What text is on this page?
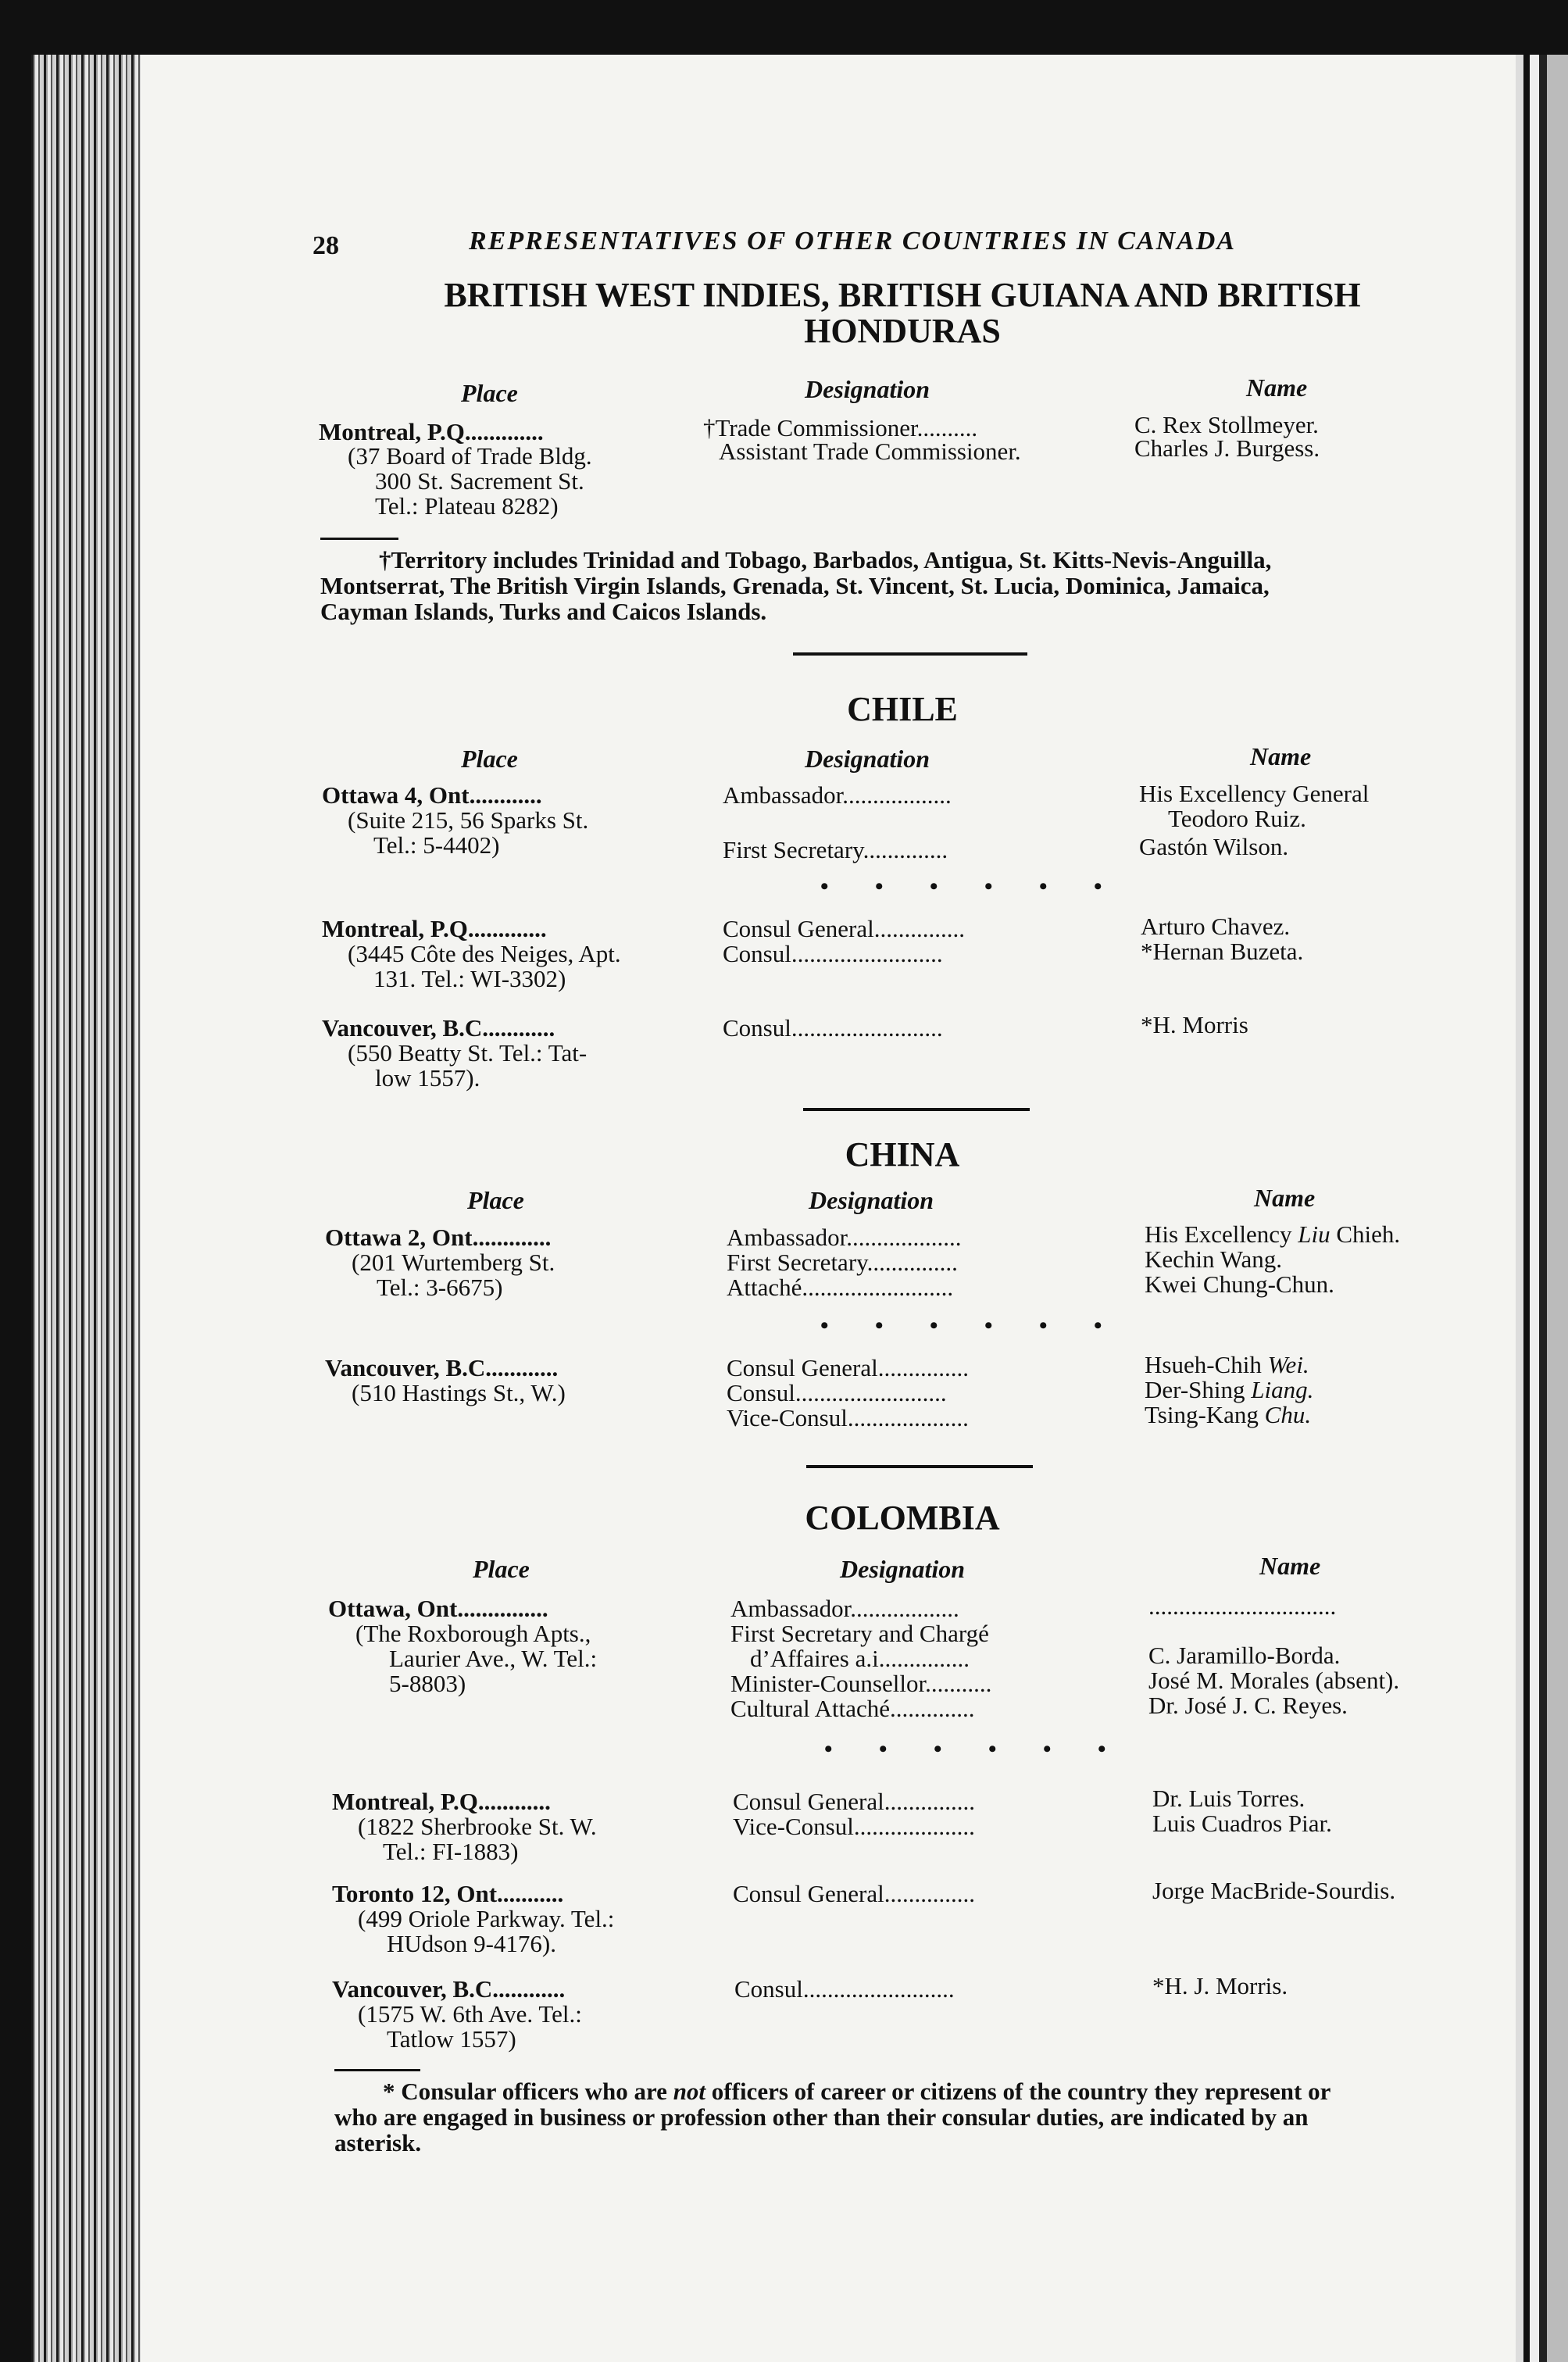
28	REPRESENTATIVES OF OTHER COUNTRIES IN CANADA
BRITISH WEST INDIES, BRITISH GUIANA AND BRITISH
HONDURAS
Place	Designation	Name
Montreal, P.Q.............
(37 Board of Trade Bldg.
300 St. Sacrement St.
Tel.: Plateau 8282)
†Trade Commissioner..........	C. Rex Stollmeyer.
Assistant Trade Commissioner.	Charles J. Burgess.
†Territory includes Trinidad and Tobago, Barbados, Antigua, St. Kitts-Nevis-Anguilla,
Montserrat, The British Virgin Islands, Grenada, St. Vincent, St. Lucia, Dominica, Jamaica,
Cayman Islands, Turks and Caicos Islands.
CHILE
Place	Designation	Name
Ottawa 4, Ont............
(Suite 215, 56 Sparks St.
Tel.: 5-4402)
Ambassador..................	His Excellency General
Teodoro Ruiz.
First Secretary..............	Gastón Wilson.
• • • • • •
Montreal, P.Q.............
(3445 Côte des Neiges, Apt.
131. Tel.: WI-3302)
Consul General...............	Arturo Chavez.
Consul.........................	*Hernan Buzeta.
Vancouver, B.C............
(550 Beatty St. Tel.: Tat-
low 1557).
Consul.........................	*H. Morris
CHINA
Place	Designation	Name
Ottawa 2, Ont.............
(201 Wurtemberg St.
Tel.: 3-6675)
Ambassador...................	His Excellency Liu Chieh.
First Secretary...............	Kechin Wang.
Attaché.........................	Kwei Chung-Chun.
• • • • • •
Vancouver, B.C............
(510 Hastings St., W.)
Consul General...............	Hsueh-Chih Wei.
Consul.........................	Der-Shing Liang.
Vice-Consul....................	Tsing-Kang Chu.
COLOMBIA
Place	Designation	Name
Ottawa, Ont...............
(The Roxborough Apts.,
Laurier Ave., W. Tel.:
5-8803)
Ambassador..................	...............................
First Secretary and Chargé
d’Affaires a.i...............	C. Jaramillo-Borda.
Minister-Counsellor...........	José M. Morales (absent).
Cultural Attaché..............	Dr. José J. C. Reyes.
• • • • • •
Montreal, P.Q............
(1822 Sherbrooke St. W.
Tel.: FI-1883)
Consul General...............	Dr. Luis Torres.
Vice-Consul....................	Luis Cuadros Piar.
Toronto 12, Ont...........
(499 Oriole Parkway. Tel.:
HUdson 9-4176).
Consul General...............	Jorge MacBride-Sourdis.
Vancouver, B.C............
(1575 W. 6th Ave. Tel.:
Tatlow 1557)
Consul.........................	*H. J. Morris.
* Consular officers who are not officers of career or citizens of the country they represent or
who are engaged in business or profession other than their consular duties, are indicated by an
asterisk.
